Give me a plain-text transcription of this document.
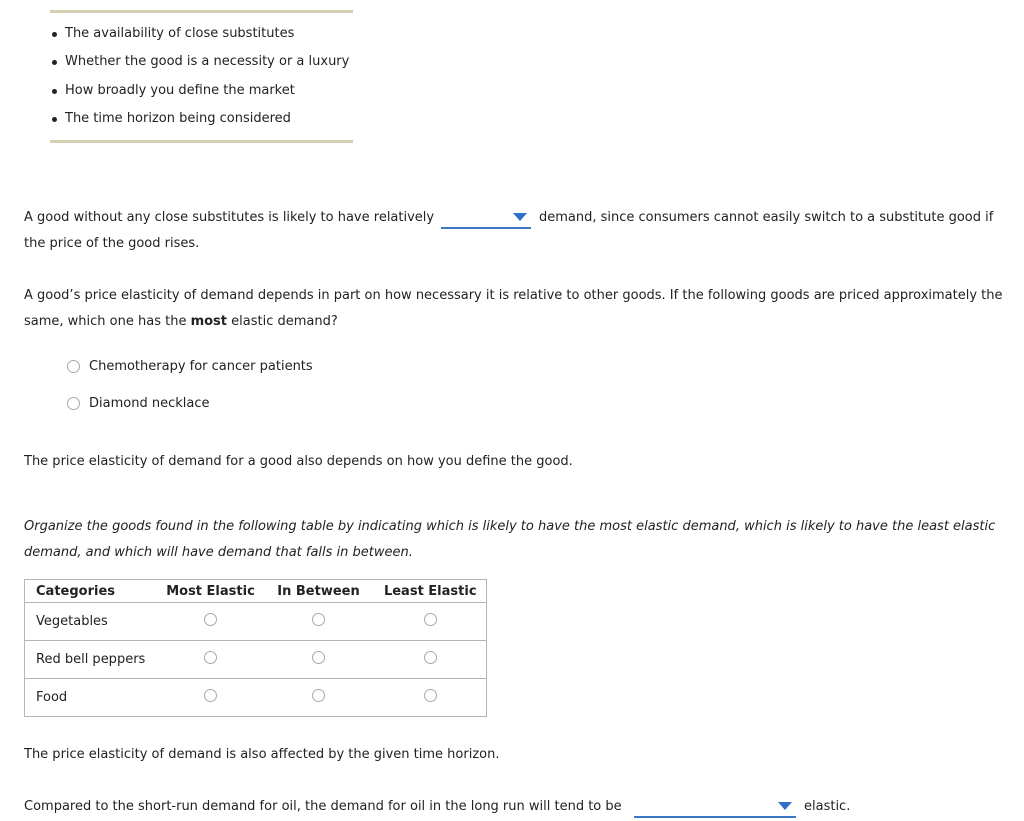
The availability of close substitutes
Whether the good is a necessity or a luxury
How broadly you define the market
The time horizon being considered
A good without any close substitutes is likely to have relatively	demand, since consumers cannot easily switch to a substitute good if
the price of the good rises.
A good’s price elasticity of demand depends in part on how necessary it is relative to other goods. If the following goods are priced approximately the
same, which one has the most elastic demand?
Chemotherapy for cancer patients
Diamond necklace
The price elasticity of demand for a good also depends on how you define the good.
Organize the goods found in the following table by indicating which is likely to have the most elastic demand, which is likely to have the least elastic
demand, and which will have demand that falls in between.
Categories	Most Elastic	In Between	Least Elastic
Vegetables			
Red bell peppers			
Food			
The price elasticity of demand is also affected by the given time horizon.
Compared to the short-run demand for oil, the demand for oil in the long run will tend to be	elastic.
